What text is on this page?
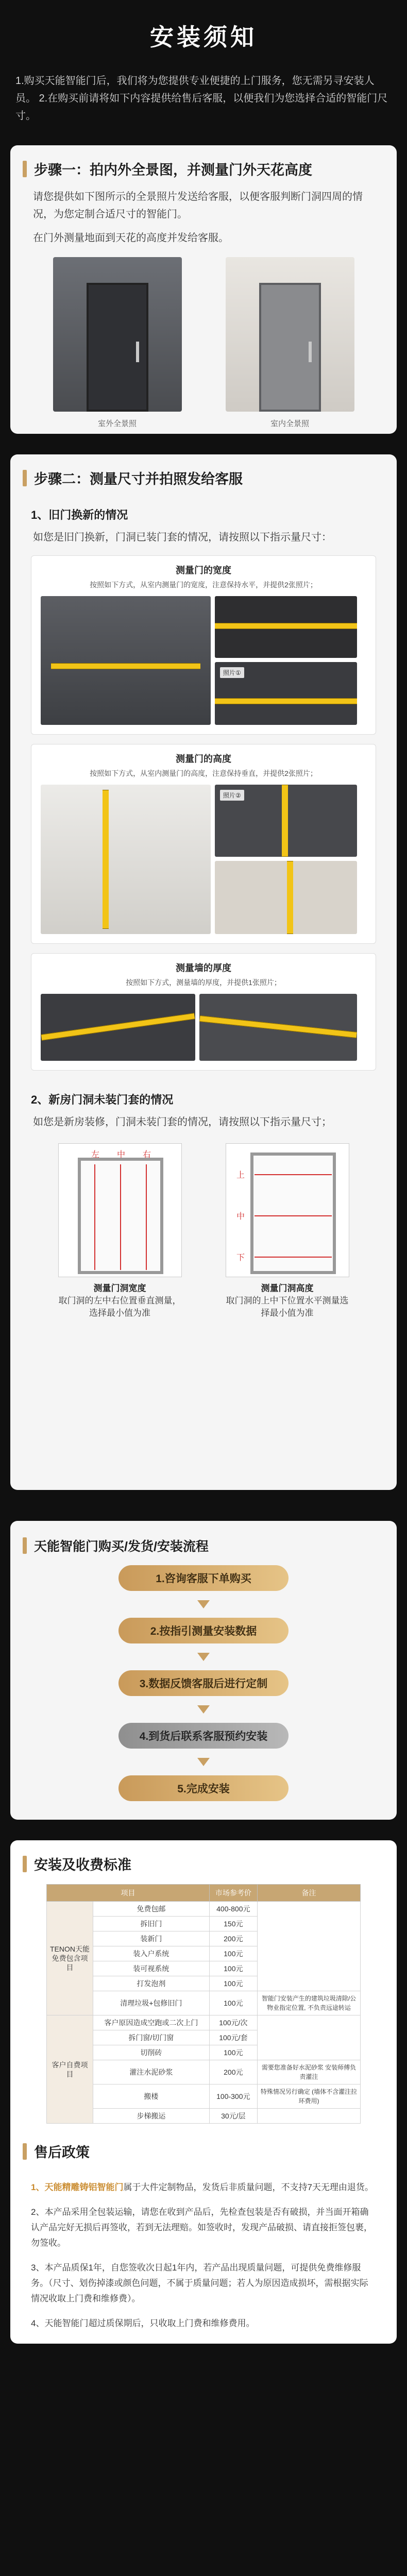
安装须知
1.购买天能智能门后，我们将为您提供专业便捷的上门服务，您无需另寻安装人员。 2.在购买前请将如下内容提供给售后客服，以便我们为您选择合适的智能门尺寸。
步骤一：拍内外全景图，并测量门外天花高度
请您提供如下图所示的全景照片发送给客服，以便客服判断门洞四周的情况，为您定制合适尺寸的智能门。
在门外测量地面到天花的高度并发给客服。
室外全景照	室内全景照
步骤二：测量尺寸并拍照发给客服
1、旧门换新的情况
如您是旧门换新，门洞已装门套的情况，请按照以下指示量尺寸：
测量门的宽度

按照如下方式，从室内测量门的宽度，注意保持水平，并提供2张照片；

照片①
测量门的高度

按照如下方式，从室内测量门的高度，注意保持垂直，并提供2张照片；

照片②
测量墙的厚度

按照如下方式，测量墙的厚度，并提供1张照片；

2、新房门洞未装门套的情况
如您是新房装修，门洞未装门套的情况，请按照以下指示量尺寸；
左 中 右
测量门洞宽度
取门洞的左中右位置垂直测量，选择最小值为准
上
中
下
测量门洞高度
取门洞的上中下位置水平测量选择最小值为准
天能智能门购买/发货/安装流程
1.咨询客服下单购买
2.按指引测量安装数据
3.数据反馈客服后进行定制
4.到货后联系客服预约安装
5.完成安装
安装及收费标准
项目		市场参考价	备注
TENON天能免费包含项目	免费包邮	400-800元	
	拆旧门	150元	
	装新门	200元	
	装入户系统	100元	
	装可视系统	100元	
	打发泡剂	100元	
	清理垃圾+包修旧门	100元	智能门安装产生的建筑垃圾清除/公物业指定位置, 不负责远途转运
客户自费项目	客户原因造成空跑或二次上门	100元/次	
	拆门窗/切门窗	100元/套	
	切削砖	100元	
	灌注水泥砂浆	200元	需要您准备好水泥砂浆 安装师傅负责灌注
	搬楼	100-300元	特殊情况另行确定 (墙体不含灌注拉环费用)
	步梯搬运	30元/层	
售后政策

1、天能精雕铸铝智能门属于大件定制物品，发货后非质量问题，不支持7天无理由退货。

2、本产品采用全包装运输，请您在收到产品后，先检查包装是否有破损，并当面开箱确认产品完好无损后再签收，若到无法理赔。如签收时，发现产品破损、请直接拒签包裹，勿签收。

3、本产品质保1年，自您签收次日起1年内，若产品出现质量问题，可提供免费维修服务。（尺寸、划伤掉漆或颜色问题，不属于质量问题；若人为原因造成损坏，需根据实际情况收取上门费和维修费）。

4、天能智能门超过质保期后，只收取上门费和维修费用。
